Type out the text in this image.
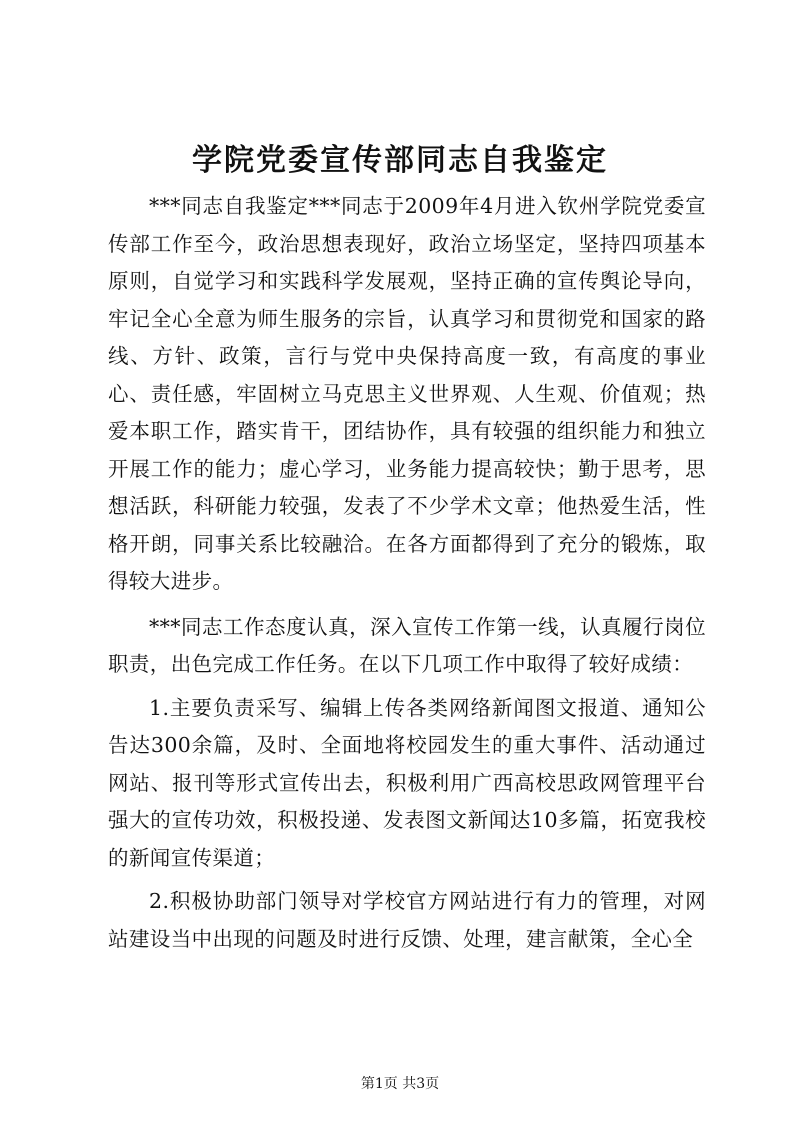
学院党委宣传部同志自我鉴定

***同志自我鉴定***同志于2009年4月进入钦州学院党委宣传部工作至今，政治思想表现好，政治立场坚定，坚持四项基本原则，自觉学习和实践科学发展观，坚持正确的宣传舆论导向，牢记全心全意为师生服务的宗旨，认真学习和贯彻党和国家的路线、方针、政策，言行与党中央保持高度一致，有高度的事业心、责任感，牢固树立马克思主义世界观、人生观、价值观；热爱本职工作，踏实肯干，团结协作，具有较强的组织能力和独立开展工作的能力；虚心学习，业务能力提高较快；勤于思考，思想活跃，科研能力较强，发表了不少学术文章；他热爱生活，性格开朗，同事关系比较融洽。在各方面都得到了充分的锻炼，取得较大进步。

***同志工作态度认真，深入宣传工作第一线，认真履行岗位职责，出色完成工作任务。在以下几项工作中取得了较好成绩：

1.主要负责采写、编辑上传各类网络新闻图文报道、通知公告达300余篇，及时、全面地将校园发生的重大事件、活动通过网站、报刊等形式宣传出去，积极利用广西高校思政网管理平台强大的宣传功效，积极投递、发表图文新闻达10多篇，拓宽我校的新闻宣传渠道；

2.积极协助部门领导对学校官方网站进行有力的管理，对网站建设当中出现的问题及时进行反馈、处理，建言献策，全心全

第1页 共3页
